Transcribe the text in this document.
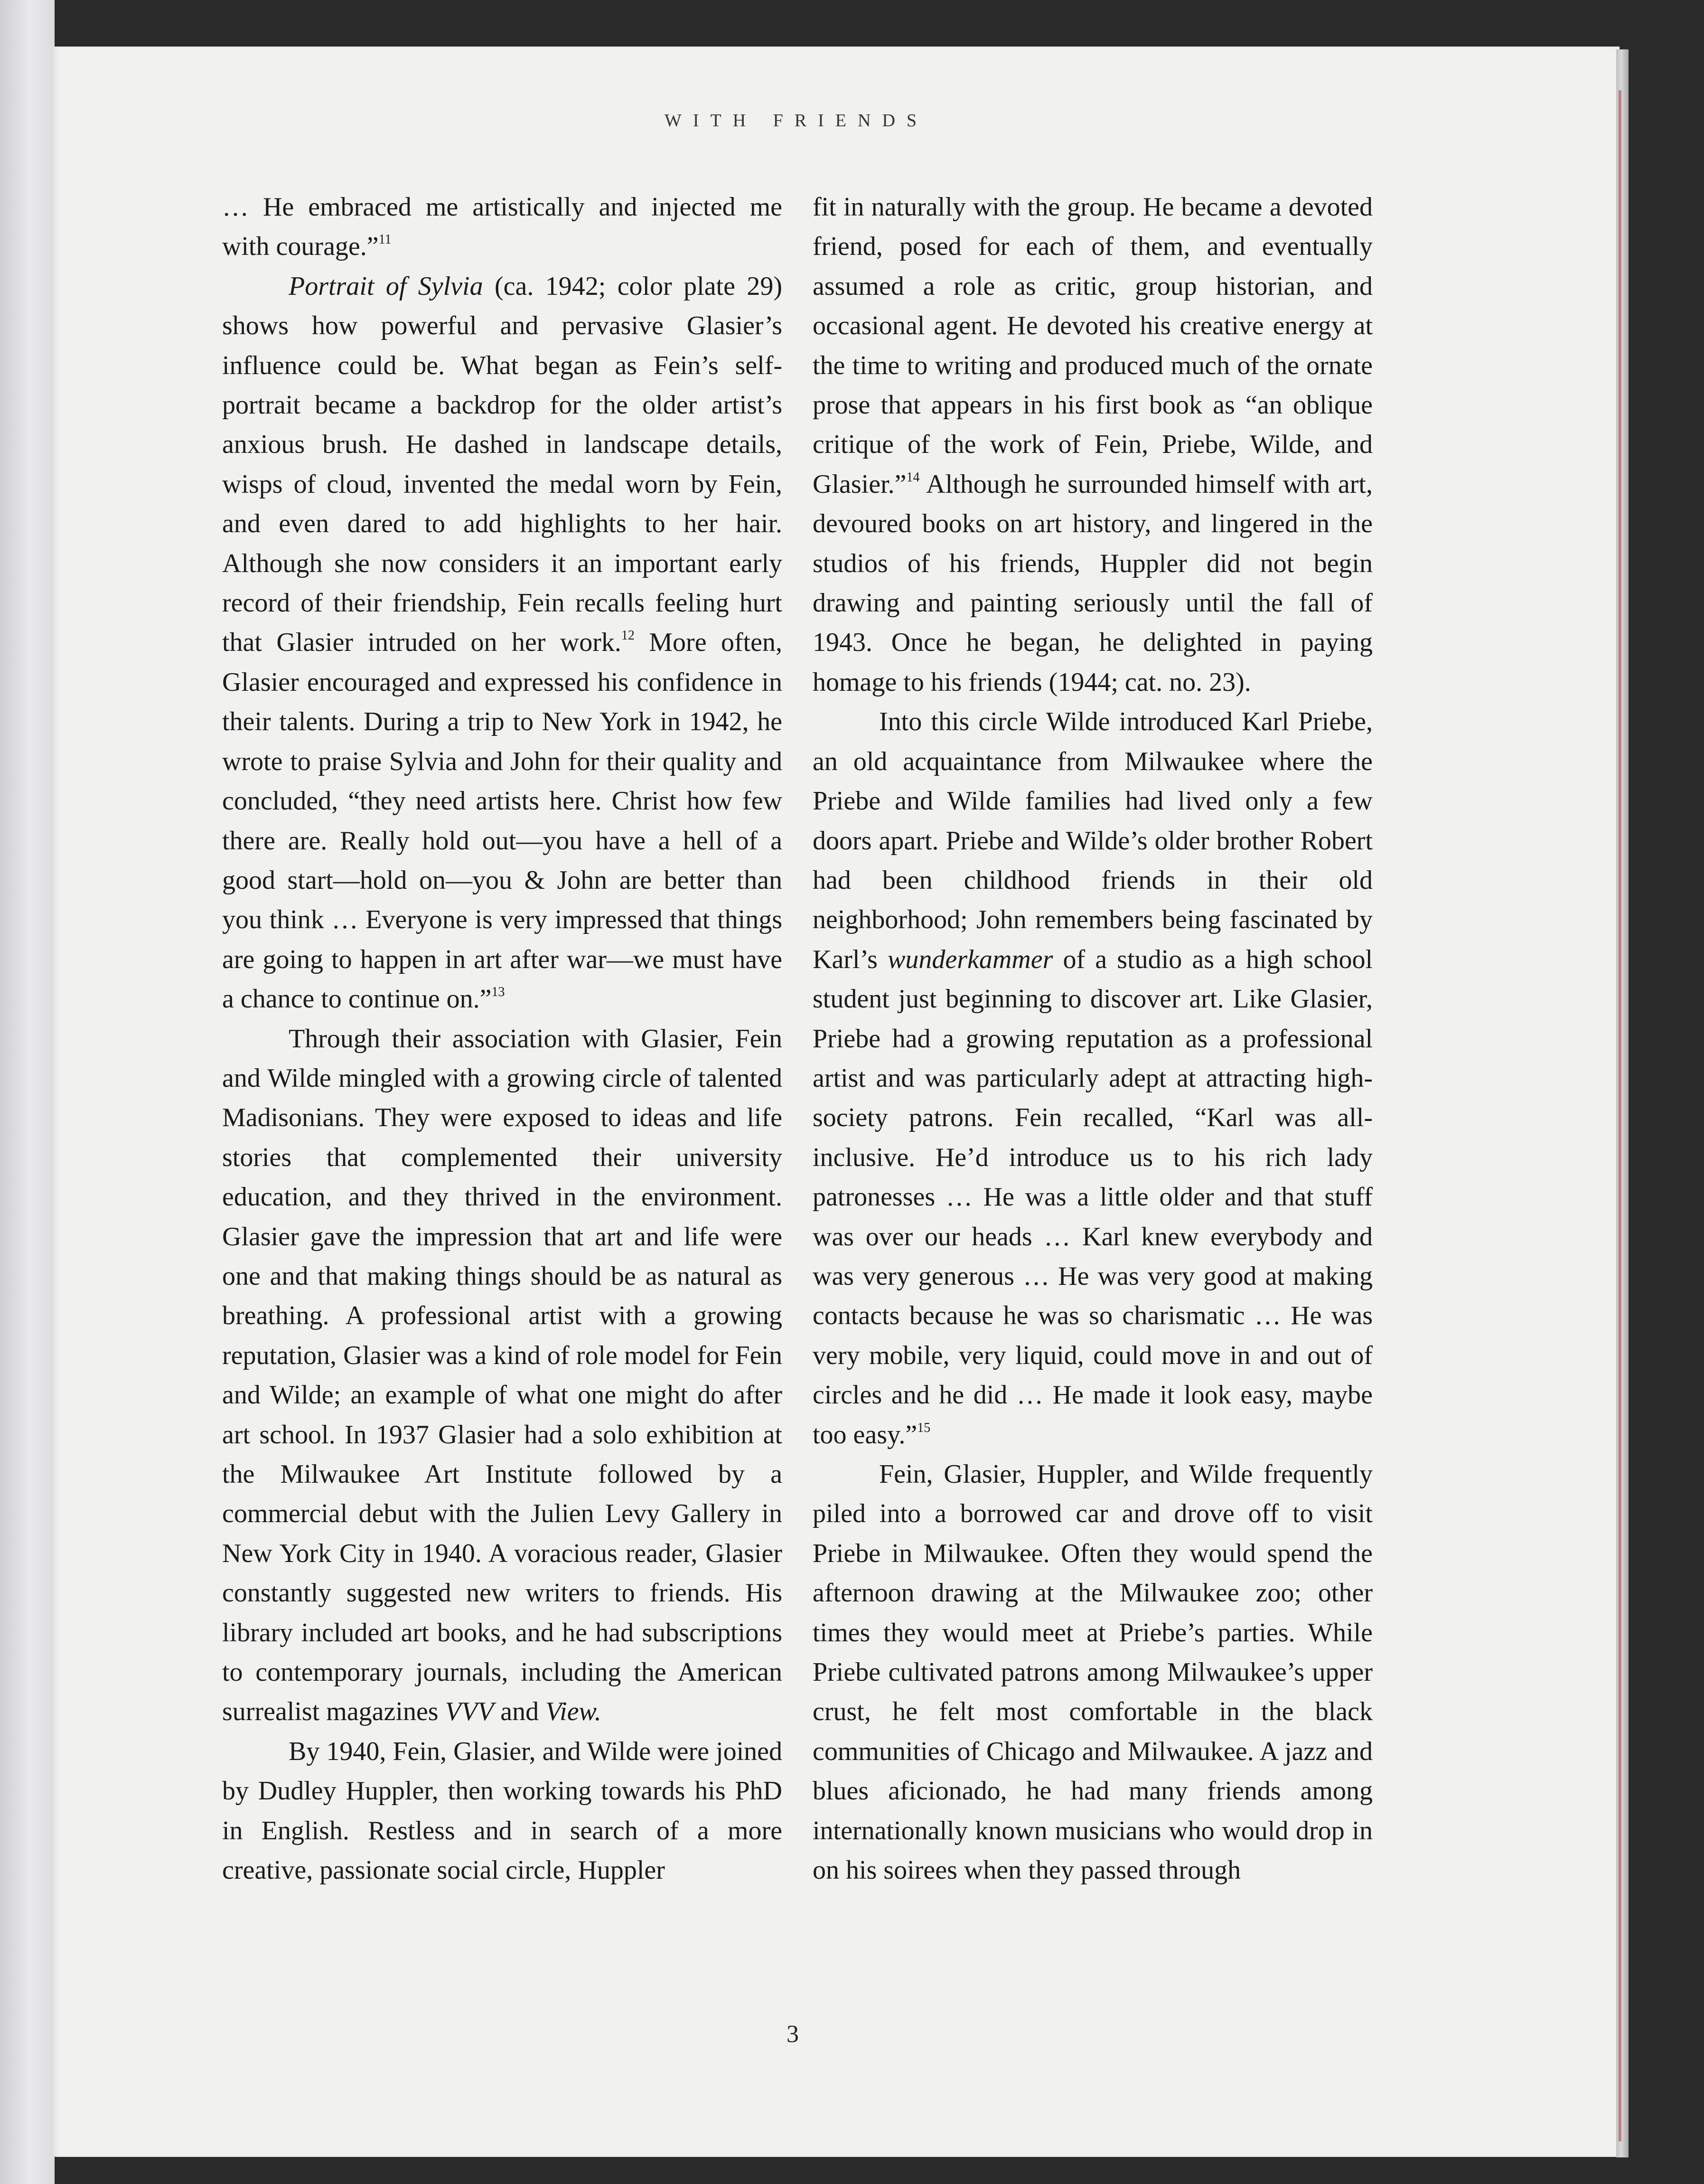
WITH FRIENDS

… He embraced me artistically and injected me with courage.”$^{11}$

Portrait of Sylvia (ca. 1942; color plate 29) shows how powerful and pervasive Glasier’s influence could be. What began as Fein’s self-portrait became a backdrop for the older artist’s anxious brush. He dashed in landscape details, wisps of cloud, invented the medal worn by Fein, and even dared to add highlights to her hair. Although she now considers it an important early record of their friendship, Fein recalls feeling hurt that Glasier intruded on her work.$^{12}$ More often, Glasier encouraged and expressed his confidence in their talents. During a trip to New York in 1942, he wrote to praise Sylvia and John for their quality and concluded, “they need artists here. Christ how few there are. Really hold out—you have a hell of a good start—hold on—you & John are better than you think … Everyone is very impressed that things are going to happen in art after war—we must have a chance to continue on.”$^{13}$

Through their association with Glasier, Fein and Wilde mingled with a growing circle of talented Madisonians. They were exposed to ideas and life stories that complemented their university education, and they thrived in the environment. Glasier gave the impression that art and life were one and that making things should be as natural as breathing. A professional artist with a growing reputation, Glasier was a kind of role model for Fein and Wilde; an example of what one might do after art school. In 1937 Glasier had a solo exhibition at the Milwaukee Art Institute followed by a commercial debut with the Julien Levy Gallery in New York City in 1940. A voracious reader, Glasier constantly suggested new writers to friends. His library included art books, and he had subscriptions to contemporary journals, including the American surrealist magazines VVV and View.

By 1940, Fein, Glasier, and Wilde were joined by Dudley Huppler, then working towards his PhD in English. Restless and in search of a more creative, passionate social circle, Huppler

fit in naturally with the group. He became a devoted friend, posed for each of them, and eventually assumed a role as critic, group historian, and occasional agent. He devoted his creative energy at the time to writing and produced much of the ornate prose that appears in his first book as “an oblique critique of the work of Fein, Priebe, Wilde, and Glasier.”$^{14}$ Although he surrounded himself with art, devoured books on art history, and lingered in the studios of his friends, Huppler did not begin drawing and painting seriously until the fall of 1943. Once he began, he delighted in paying homage to his friends (1944; cat. no. 23).

Into this circle Wilde introduced Karl Priebe, an old acquaintance from Milwaukee where the Priebe and Wilde families had lived only a few doors apart. Priebe and Wilde’s older brother Robert had been childhood friends in their old neighborhood; John remembers being fascinated by Karl’s wunderkammer of a studio as a high school student just beginning to discover art. Like Glasier, Priebe had a growing reputation as a professional artist and was particularly adept at attracting high-society patrons. Fein recalled, “Karl was all-inclusive. He’d introduce us to his rich lady patronesses … He was a little older and that stuff was over our heads … Karl knew everybody and was very generous … He was very good at making contacts because he was so charismatic … He was very mobile, very liquid, could move in and out of circles and he did … He made it look easy, maybe too easy.”$^{15}$

Fein, Glasier, Huppler, and Wilde frequently piled into a borrowed car and drove off to visit Priebe in Milwaukee. Often they would spend the afternoon drawing at the Milwaukee zoo; other times they would meet at Priebe’s parties. While Priebe cultivated patrons among Milwaukee’s upper crust, he felt most comfortable in the black communities of Chicago and Milwaukee. A jazz and blues aficionado, he had many friends among internationally known musicians who would drop in on his soirees when they passed through

3
